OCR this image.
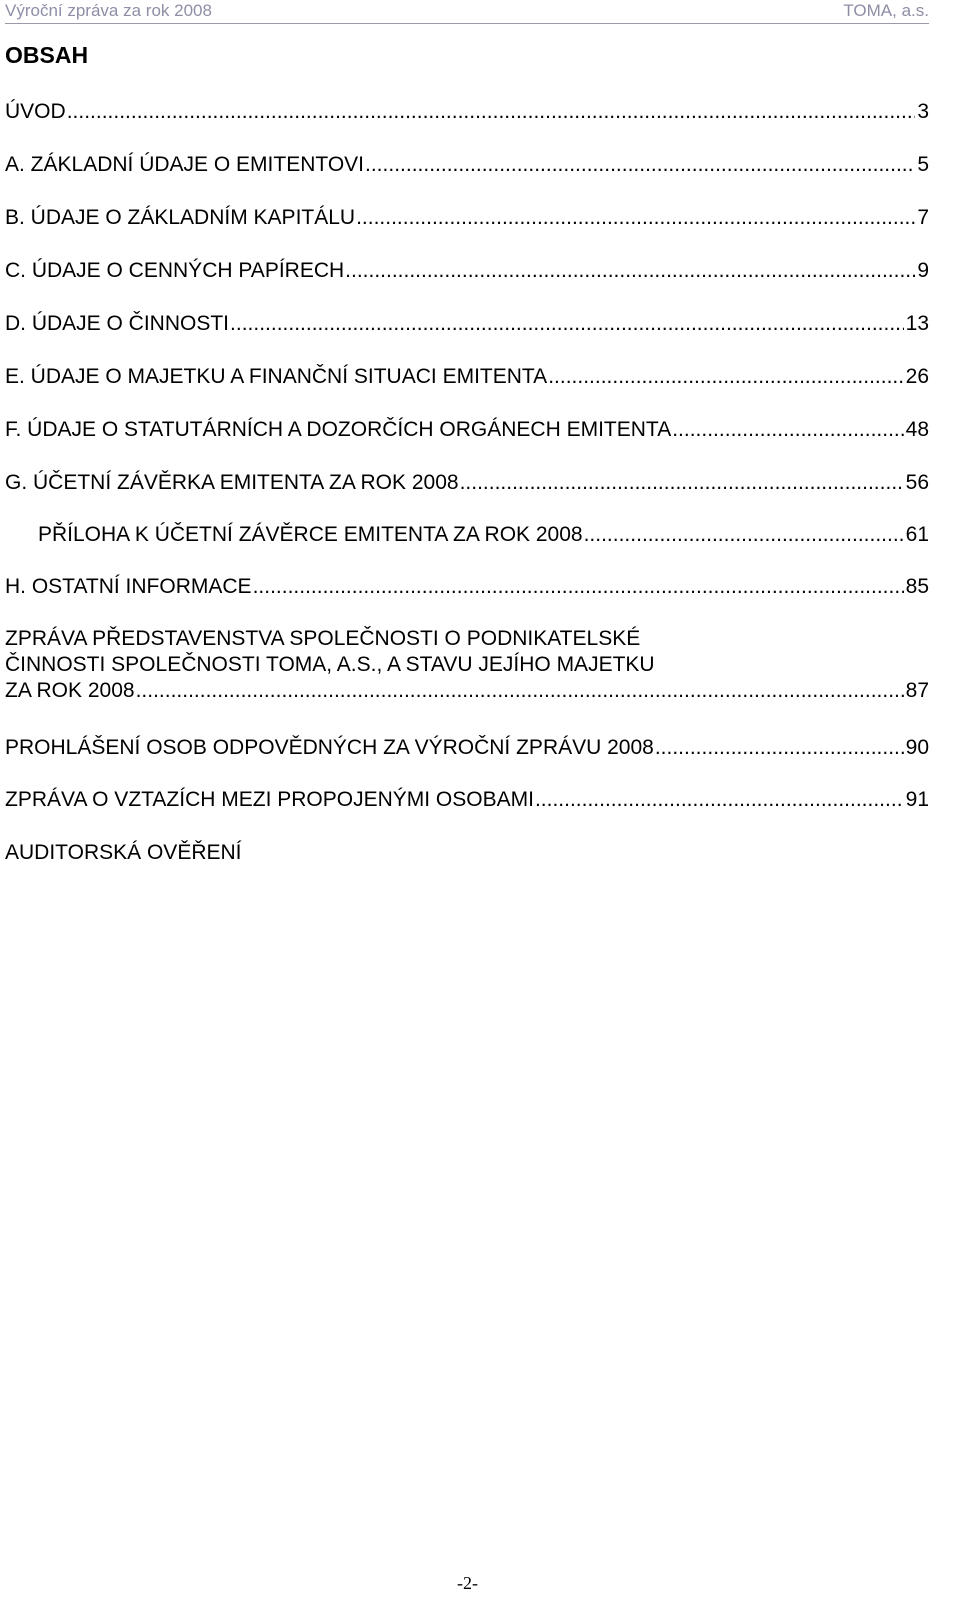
Výroční zpráva za rok 2008	TOMA, a.s.
OBSAH
ÚVOD .....	3
A. ZÁKLADNÍ ÚDAJE O EMITENTOVI .....	5
B. ÚDAJE O ZÁKLADNÍM KAPITÁLU .....	7
C. ÚDAJE O CENNÝCH PAPÍRECH .....	9
D. ÚDAJE O ČINNOSTI .....	13
E. ÚDAJE O MAJETKU A FINANČNÍ SITUACI EMITENTA .....	26
F. ÚDAJE O STATUTÁRNÍCH A DOZORČÍCH ORGÁNECH EMITENTA .....	48
G. ÚČETNÍ ZÁVĚRKA EMITENTA ZA ROK 2008 .....	56
PŘÍLOHA K ÚČETNÍ ZÁVĚRCE EMITENTA ZA ROK 2008 .....	61
H. OSTATNÍ INFORMACE .....	85
ZPRÁVA PŘEDSTAVENSTVA SPOLEČNOSTI O PODNIKATELSKÉ
ČINNOSTI SPOLEČNOSTI TOMA, A.S., A STAVU JEJÍHO MAJETKU
ZA ROK 2008 .....	87
PROHLÁŠENÍ OSOB ODPOVĚDNÝCH ZA VÝROČNÍ ZPRÁVU 2008 .....	90
ZPRÁVA O VZTAZÍCH MEZI PROPOJENÝMI OSOBAMI .....	91
AUDITORSKÁ OVĚŘENÍ
-2-
